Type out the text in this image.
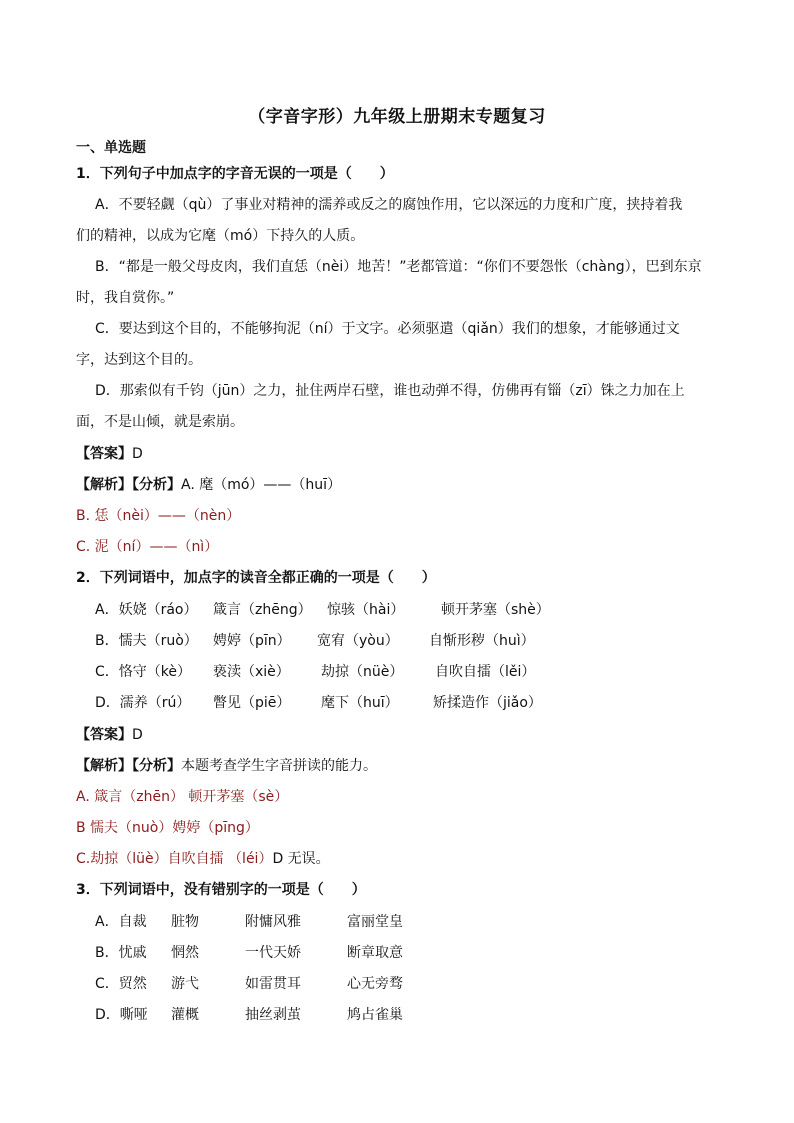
（字音字形）九年级上册期末专题复习
一、单选题
1．下列句子中加点字的字音无误的一项是（　　）
A．不要轻觑（qù）了事业对精神的濡养或反之的腐蚀作用，它以深远的力度和广度，挟持着我
们的精神，以成为它麾（mó）下持久的人质。
B．“都是一般父母皮肉，我们直恁（nèi）地苦！”老都管道：“你们不要怨怅（chàng），巴到东京
时，我自赏你。”
C．要达到这个目的，不能够拘泥（ní）于文字。必须驱遣（qiǎn）我们的想象，才能够通过文
字，达到这个目的。
D．那索似有千钧（jūn）之力，扯住两岸石壁，谁也动弹不得，仿佛再有锱（zī）铢之力加在上
面，不是山倾，就是索崩。
【答案】D
【解析】【分析】A. 麾（mó）——（huī）
B. 恁（nèi）——（nèn）
C. 泥（ní）——（nì）
2．下列词语中，加点字的读音全都正确的一项是（　　）
A．妖娆（ráo） 箴言（zhēng） 惊骇（hài）	顿开茅塞（shè）
B．懦夫（ruò） 娉婷（pīn） 宽宥（yòu） 自惭形秽（huì）
C．恪守（kè） 亵渎（xiè） 劫掠（nüè） 自吹自擂（lěi）
D．濡养（rú） 瞥见（piē） 麾下（huī） 矫揉造作（jiǎo）
【答案】D
【解析】【分析】本题考查学生字音拼读的能力。
A. 箴言（zhēn） 顿开茅塞（sè）
B 懦夫（nuò）娉婷（pīng）
C.劫掠（lüè）自吹自擂 （léi）D 无误。
3．下列词语中，没有错别字的一项是（　　）
A．自裁 脏物	附慵风雅	富丽堂皇
B．忧戚 惘然	一代天娇	断章取意
C．贸然 游弋	如雷贯耳	心无旁骛
D．嘶哑 灌概	抽丝剥茧	鸠占雀巢
